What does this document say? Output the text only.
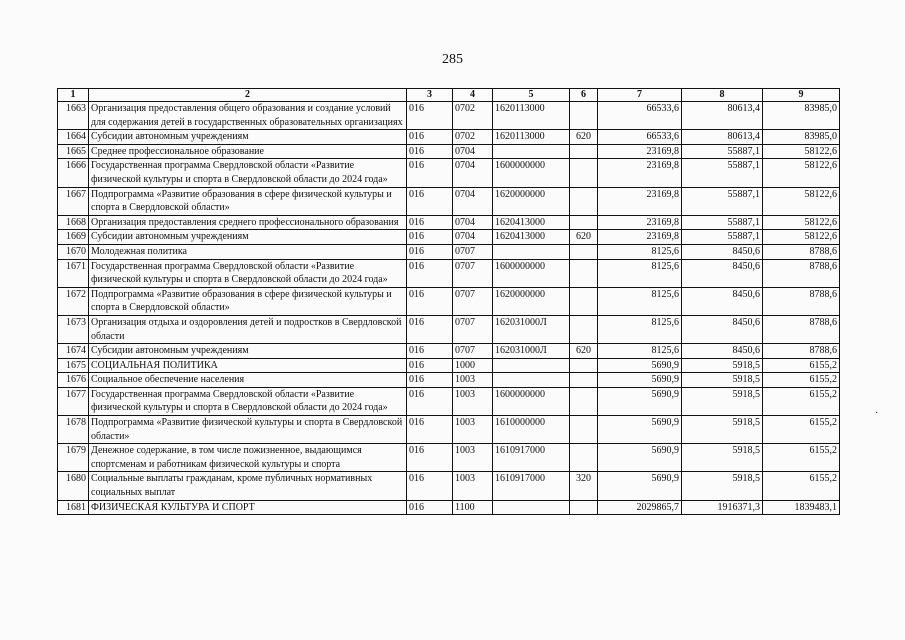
285
1	2	3	4	5	6	7	8	9
1663	Организация предоставления общего образования и создание условий для содержания детей в государственных образовательных организациях	016	0702	1620113000		66533,6	80613,4	83985,0
1664	Субсидии автономным учреждениям	016	0702	1620113000	620	66533,6	80613,4	83985,0
1665	Среднее профессиональное образование	016	0704			23169,8	55887,1	58122,6
1666	Государственная программа Свердловской области «Развитие физической культуры и спорта в Свердловской области до 2024 года»	016	0704	1600000000		23169,8	55887,1	58122,6
1667	Подпрограмма «Развитие образования в сфере физической культуры и спорта в Свердловской области»	016	0704	1620000000		23169,8	55887,1	58122,6
1668	Организация предоставления среднего профессионального образования	016	0704	1620413000		23169,8	55887,1	58122,6
1669	Субсидии автономным учреждениям	016	0704	1620413000	620	23169,8	55887,1	58122,6
1670	Молодежная политика	016	0707			8125,6	8450,6	8788,6
1671	Государственная программа Свердловской области «Развитие физической культуры и спорта в Свердловской области до 2024 года»	016	0707	1600000000		8125,6	8450,6	8788,6
1672	Подпрограмма «Развитие образования в сфере физической культуры и спорта в Свердловской области»	016	0707	1620000000		8125,6	8450,6	8788,6
1673	Организация отдыха и оздоровления детей и подростков в Свердловской области	016	0707	162031000Л		8125,6	8450,6	8788,6
1674	Субсидии автономным учреждениям	016	0707	162031000Л	620	8125,6	8450,6	8788,6
1675	СОЦИАЛЬНАЯ ПОЛИТИКА	016	1000			5690,9	5918,5	6155,2
1676	Социальное обеспечение населения	016	1003			5690,9	5918,5	6155,2
1677	Государственная программа Свердловской области «Развитие физической культуры и спорта в Свердловской области до 2024 года»	016	1003	1600000000		5690,9	5918,5	6155,2
1678	Подпрограмма «Развитие физической культуры и спорта в Свердловской области»	016	1003	1610000000		5690,9	5918,5	6155,2
1679	Денежное содержание, в том числе пожизненное, выдающимся спортсменам и работникам физической культуры и спорта	016	1003	1610917000		5690,9	5918,5	6155,2
1680	Социальные выплаты гражданам, кроме публичных нормативных социальных выплат	016	1003	1610917000	320	5690,9	5918,5	6155,2
1681	ФИЗИЧЕСКАЯ КУЛЬТУРА И СПОРТ	016	1100			2029865,7	1916371,3	1839483,1
·
